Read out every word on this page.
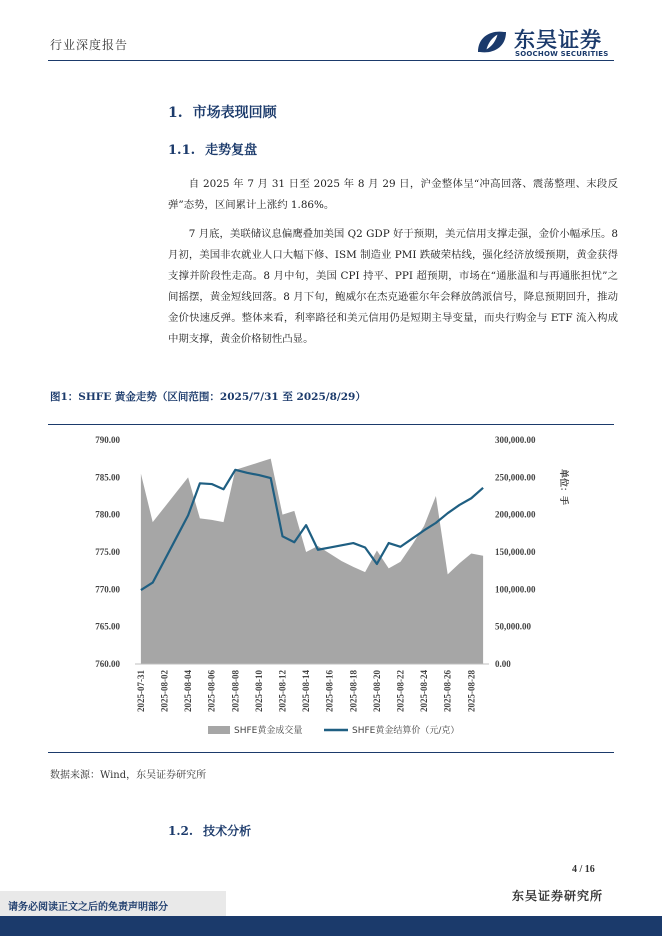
行业深度报告	东吴证券
SOOCHOW SECURITIES
1. 市场表现回顾
1.1. 走势复盘
自 2025 年 7 月 31 日至 2025 年 8 月 29 日，沪金整体呈“冲高回落、震荡整理、末段反弹”态势，区间累计上涨约 1.86%。
7 月底，美联储议息偏鹰叠加美国 Q2 GDP 好于预期，美元信用支撑走强，金价小幅承压。8 月初，美国非农就业人口大幅下修、ISM 制造业 PMI 跌破荣枯线，强化经济放缓预期，黄金获得支撑并阶段性走高。8 月中旬，美国 CPI 持平、PPI 超预期，市场在“通胀温和与再通胀担忧”之间摇摆，黄金短线回落。8 月下旬，鲍威尔在杰克逊霍尔年会释放鸽派信号，降息预期回升，推动金价快速反弹。整体来看，利率路径和美元信用仍是短期主导变量，而央行购金与 ETF 流入构成中期支撑，黄金价格韧性凸显。
图1：SHFE 黄金走势（区间范围：2025/7/31 至 2025/8/29）
760.00
765.00
770.00
775.00
780.00
785.00
790.00
0.00
50,000.00
100,000.00
150,000.00
200,000.00
250,000.00
300,000.00
单位：手
2025-07-31 2025-08-02 2025-08-04 2025-08-06 2025-08-08 2025-08-10 2025-08-12 2025-08-14 2025-08-16 2025-08-18 2025-08-20 2025-08-22 2025-08-24 2025-08-26 2025-08-28
SHFE黄金成交量	SHFE黄金结算价（元/克）
数据来源：Wind，东吴证券研究所
1.2. 技术分析
4 / 16
东吴证券研究所
请务必阅读正文之后的免责声明部分
